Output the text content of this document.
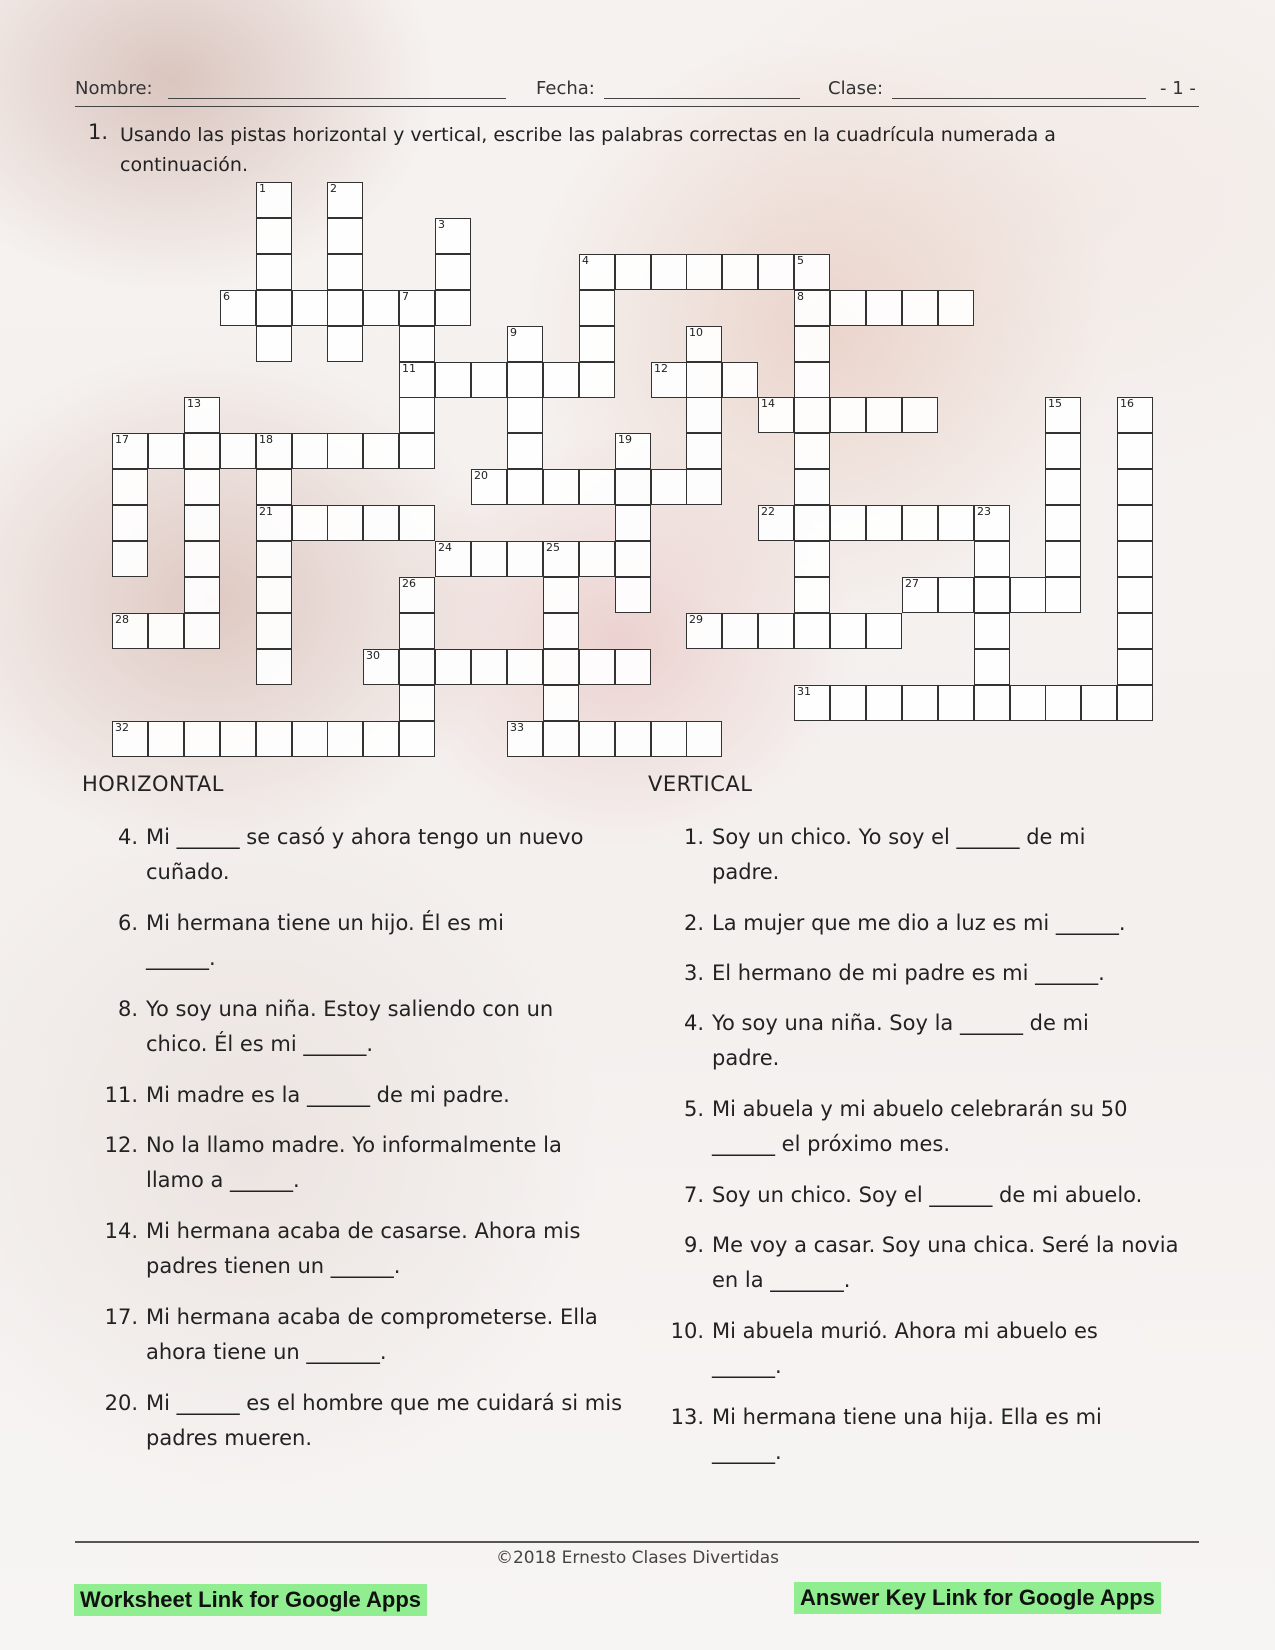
Nombre:	Fecha:	Clase:	- 1 -
1. Usando las pistas horizontal y vertical, escribe las palabras correctas en la cuadrícula numerada a continuación.
1	2
3
4	5
8
6	7
11
9	10
12
13	14	15	16
17	18
21
19
20
22	23
24	25
26	27
28	29
30
31
32	33
HORIZONTAL
4. Mi ______ se casó y ahora tengo un nuevo cuñado.
6. Mi hermana tiene un hijo. Él es mi ______.
8. Yo soy una niña. Estoy saliendo con un chico. Él es mi ______.
11. Mi madre es la ______ de mi padre.
12. No la llamo madre. Yo informalmente la llamo a ______.
14. Mi hermana acaba de casarse. Ahora mis padres tienen un ______.
17. Mi hermana acaba de comprometerse. Ella ahora tiene un _______.
20. Mi ______ es el hombre que me cuidará si mis padres mueren.
VERTICAL
1. Soy un chico. Yo soy el ______ de mi padre.
2. La mujer que me dio a luz es mi ______.
3. El hermano de mi padre es mi ______.
4. Yo soy una niña. Soy la ______ de mi padre.
5. Mi abuela y mi abuelo celebrarán su 50 ______ el próximo mes.
7. Soy un chico. Soy el ______ de mi abuelo.
9. Me voy a casar. Soy una chica. Seré la novia en la _______.
10. Mi abuela murió. Ahora mi abuelo es ______.
13. Mi hermana tiene una hija. Ella es mi ______.
©2018 Ernesto Clases Divertidas
Worksheet Link for Google Apps	Answer Key Link for Google Apps
